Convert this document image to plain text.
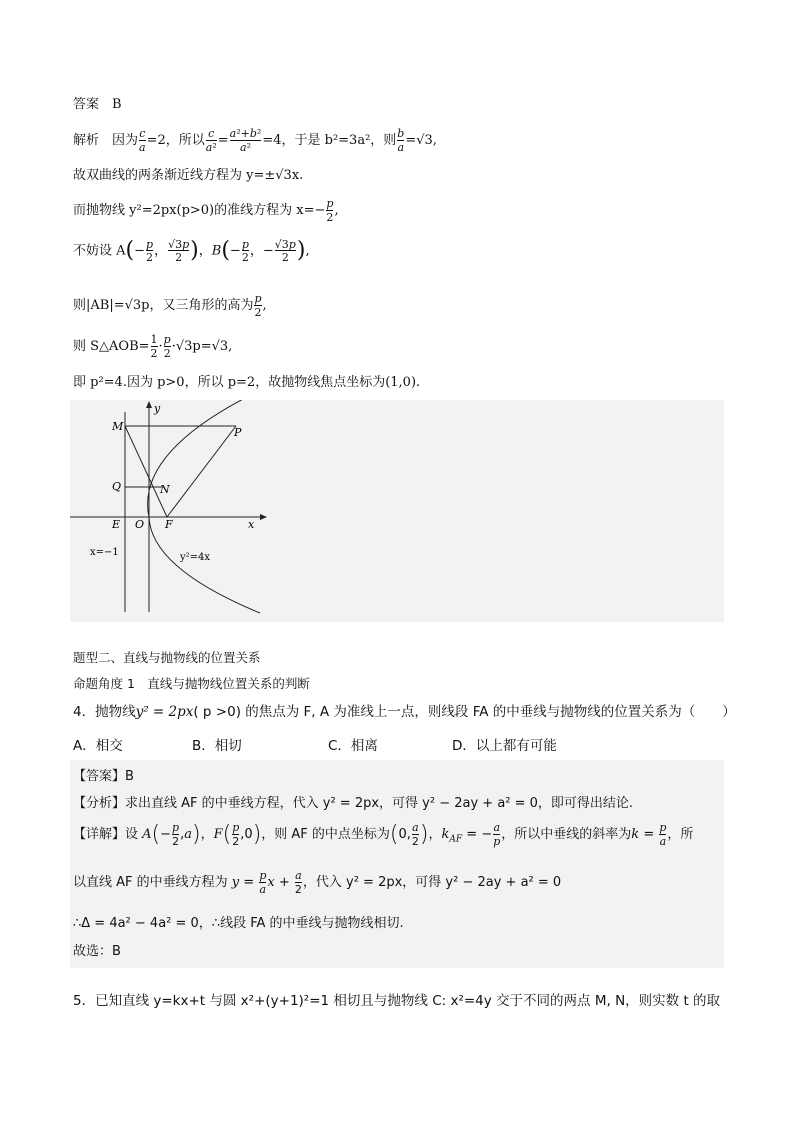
答案　B
解析　因为 $\frac{c}{a} =2$，所以 $\frac{c}{\text{a²}} = \frac{\text{a²+b²}}{\text{a²}} =4$，于是 b²=3a²，则 $\frac{b}{a} =√3$,
故双曲线的两条渐近线方程为 y=±√3x.
而抛物线 y²=2px(p>0)的准线方程为 $x=- \frac{p}{2}$ ,
不妨设 $A(- \frac{p}{2}$ ， $\frac{√3p}{2}$ )，$B(- \frac{p}{2}$ ，− $\frac{√3p}{2}$ ),
则|AB|=√3p，又三角形的高为 $\frac{p}{2}$ ,
则 S△AOB= $\frac{1}{2} \cdot \frac{p}{2} \cdot√3p=√3$,
即 p²=4.因为 p>0，所以 p=2，故抛物线焦点坐标为(1,0).
y
x
M	P
Q	N
E O F
x=−1	y²=4x
题型二、直线与抛物线的位置关系
命题角度 1　直线与抛物线位置关系的判断
4．抛物线y² = 2px( p >0) 的焦点为 F, A 为准线上一点，则线段 FA 的中垂线与抛物线的位置关系为（　　）
A．相交	B．相切	C．相离	D．以上都有可能
【答案】B
【分析】求出直线 AF 的中垂线方程，代入 y² = 2px，可得 y² − 2ay + a² = 0，即可得出结论.
【详解】设 $A(- \frac{p}{2} ,a)$，$F( \frac{p}{2} ,0)$，则 AF 的中点坐标为(0, $\frac{a}{2}$ )，$k_{AF}$ = − $\frac{a}{p}$ ，所以中垂线的斜率为$k = \frac{p}{a}$ ，所
以直线 AF 的中垂线方程为 $y = \frac{p}{a}$ $x + \frac{a}{2}$ ，代入 y² = 2px，可得 y² − 2ay + a² = 0
∴Δ = 4a² − 4a² = 0，∴线段 FA 的中垂线与抛物线相切.
故选：B
5．已知直线 y=kx+t 与圆 x²+(y+1)²=1 相切且与抛物线 C: x²=4y 交于不同的两点 M, N，则实数 t 的取
